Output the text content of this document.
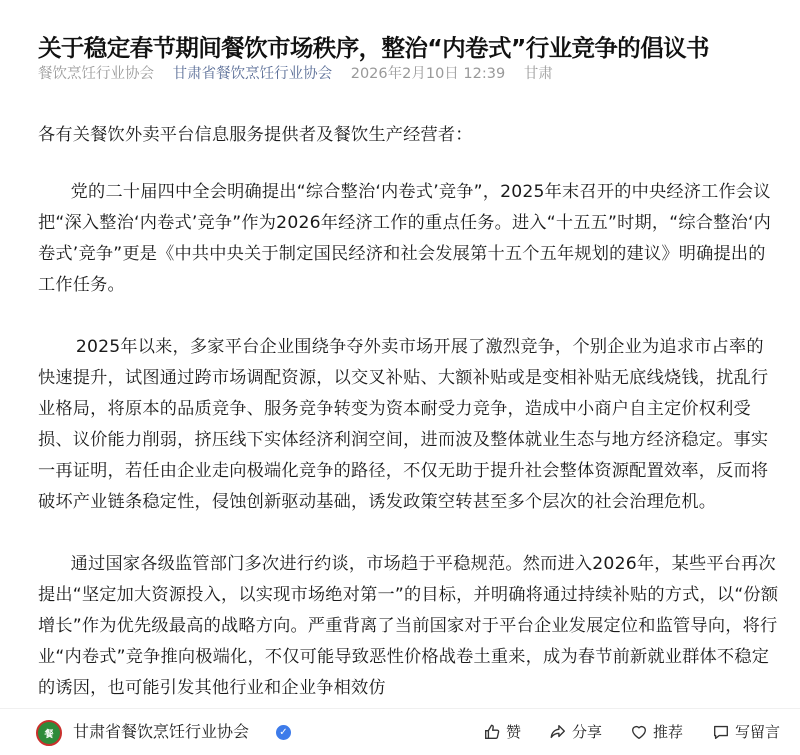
关于稳定春节期间餐饮市场秩序，整治“内卷式”行业竞争的倡议书
餐饮烹饪行业协会 甘肃省餐饮烹饪行业协会 2026年2月10日 12:39 甘肃

各有关餐饮外卖平台信息服务提供者及餐饮生产经营者：

党的二十届四中全会明确提出“综合整治‘内卷式’竞争”，2025年末召开的中央经济工作会议把“深入整治‘内卷式’竞争”作为2026年经济工作的重点任务。进入“十五五”时期，“综合整治‘内卷式’竞争”更是《中共中央关于制定国民经济和社会发展第十五个五年规划的建议》明确提出的工作任务。

2025年以来，多家平台企业围绕争夺外卖市场开展了激烈竞争，个别企业为追求市占率的快速提升，试图通过跨市场调配资源，以交叉补贴、大额补贴或是变相补贴无底线烧钱，扰乱行业格局，将原本的品质竞争、服务竞争转变为资本耐受力竞争，造成中小商户自主定价权利受损、议价能力削弱，挤压线下实体经济利润空间，进而波及整体就业生态与地方经济稳定。事实一再证明，若任由企业走向极端化竞争的路径，不仅无助于提升社会整体资源配置效率，反而将破坏产业链条稳定性，侵蚀创新驱动基础，诱发政策空转甚至多个层次的社会治理危机。

通过国家各级监管部门多次进行约谈，市场趋于平稳规范。然而进入2026年，某些平台再次提出“坚定加大资源投入，以实现市场绝对第一”的目标，并明确将通过持续补贴的方式，以“份额增长”作为优先级最高的战略方向。严重背离了当前国家对于平台企业发展定位和监管导向，将行业“内卷式”竞争推向极端化，不仅可能导致恶性价格战卷土重来，成为春节前新就业群体不稳定的诱因，也可能引发其他行业和企业争相效仿

餐	甘肃省餐饮烹饪行业协会	✓	赞	分享	推荐	写留言
